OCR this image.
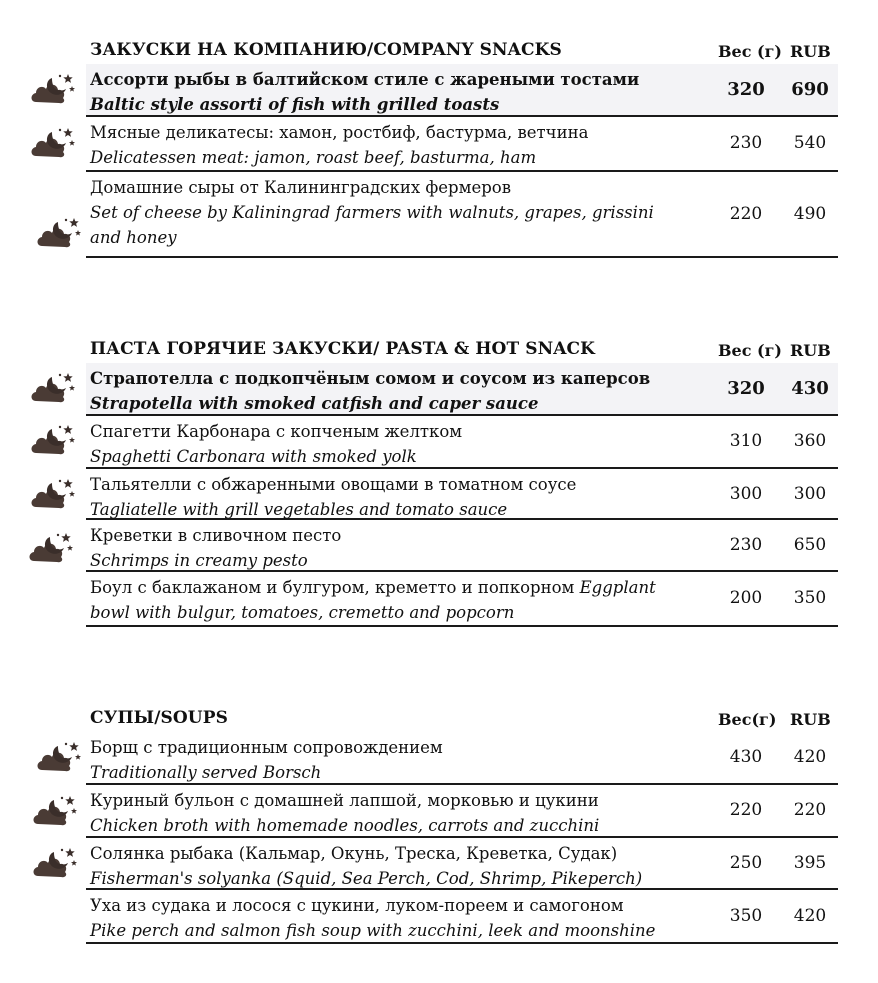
ЗАКУСКИ НА КОМПАНИЮ/COMPANY SNACKS	Вес (г) RUB
Ассорти рыбы в балтийском стиле с жареными тостами
Baltic style assorti of fish with grilled toasts
320	690
Мясные деликатесы: хамон, ростбиф, бастурма, ветчина
Delicatessen meat: jamon, roast beef, basturma, ham
230	540
Домашние сыры от Калининградских фермеров
Set of cheese by Kaliningrad farmers with walnuts, grapes, grissini and honey
220	490
ПАСТА ГОРЯЧИЕ ЗАКУСКИ/ PASTA & HOT SNACK	Вес (г) RUB
Страпотелла с подкопчёным сомом и соусом из каперсов
Strapotella with smoked catfish and caper sauce
320	430
Спагетти Карбонара с копченым желтком
Spaghetti Carbonara with smoked yolk
310	360
Тальятелли с обжаренными овощами в томатном соусе
Tagliatelle with grill vegetables and tomato sauce
300	300
Креветки в сливочном песто
Schrimps in creamy pesto
230	650
Боул с баклажаном и булгуром, креметто и попкорном Eggplant bowl with bulgur, tomatoes, cremetto and popcorn
200	350
СУПЫ/SOUPS	Вес(г) RUB
Борщ с традиционным сопровождением
Traditionally served Borsch
430	420
Куриный бульон с домашней лапшой, морковью и цукини
Chicken broth with homemade noodles, carrots and zucchini
220	220
Солянка рыбака (Кальмар, Окунь, Треска, Креветка, Судак)
Fisherman's solyanka (Squid, Sea Perch, Cod, Shrimp, Pikeperch)
250	395
Уха из судака и лосося с цукини, луком-пореем и самогоном
Pike perch and salmon fish soup with zucchini, leek and moonshine
350	420
